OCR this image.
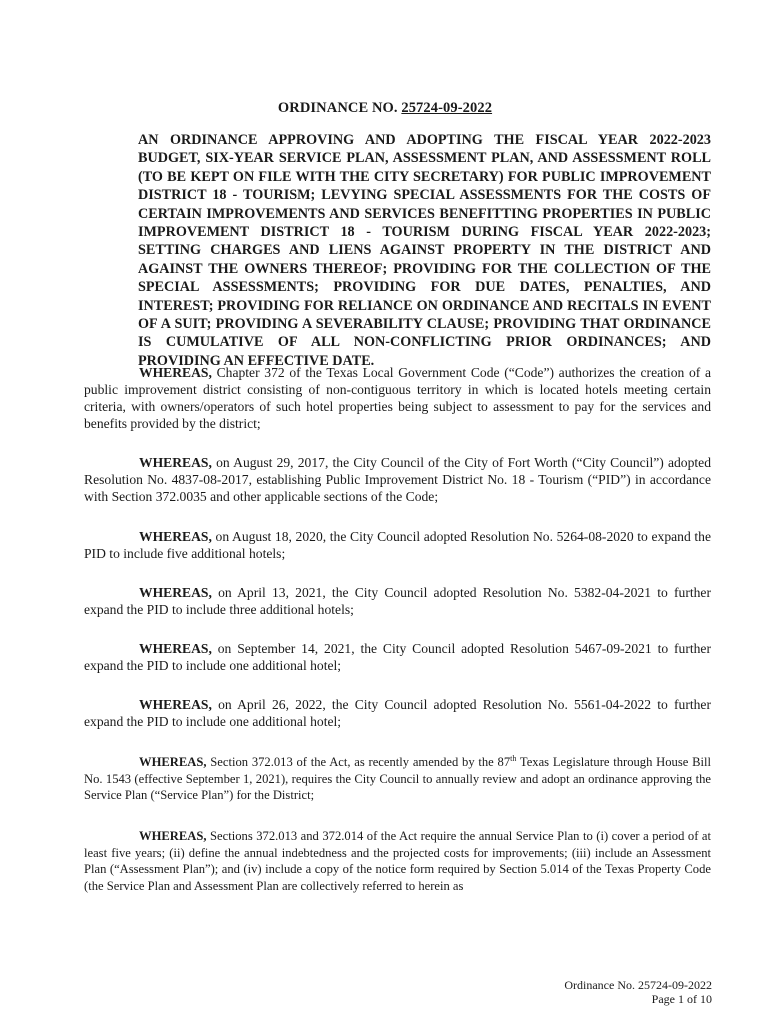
ORDINANCE NO. 25724-09-2022

AN ORDINANCE APPROVING AND ADOPTING THE FISCAL YEAR 2022-2023 BUDGET, SIX-YEAR SERVICE PLAN, ASSESSMENT PLAN, AND ASSESSMENT ROLL (TO BE KEPT ON FILE WITH THE CITY SECRETARY) FOR PUBLIC IMPROVEMENT DISTRICT 18 - TOURISM; LEVYING SPECIAL ASSESSMENTS FOR THE COSTS OF CERTAIN IMPROVEMENTS AND SERVICES BENEFITTING PROPERTIES IN PUBLIC IMPROVEMENT DISTRICT 18 - TOURISM DURING FISCAL YEAR 2022-2023; SETTING CHARGES AND LIENS AGAINST PROPERTY IN THE DISTRICT AND AGAINST THE OWNERS THEREOF; PROVIDING FOR THE COLLECTION OF THE SPECIAL ASSESSMENTS; PROVIDING FOR DUE DATES, PENALTIES, AND INTEREST; PROVIDING FOR RELIANCE ON ORDINANCE AND RECITALS IN EVENT OF A SUIT; PROVIDING A SEVERABILITY CLAUSE; PROVIDING THAT ORDINANCE IS CUMULATIVE OF ALL NON-CONFLICTING PRIOR ORDINANCES; AND PROVIDING AN EFFECTIVE DATE.

WHEREAS, Chapter 372 of the Texas Local Government Code (“Code”) authorizes the creation of a public improvement district consisting of non-contiguous territory in which is located hotels meeting certain criteria, with owners/operators of such hotel properties being subject to assessment to pay for the services and benefits provided by the district;

WHEREAS, on August 29, 2017, the City Council of the City of Fort Worth (“City Council”) adopted Resolution No. 4837-08-2017, establishing Public Improvement District No. 18 - Tourism (“PID”) in accordance with Section 372.0035 and other applicable sections of the Code;

WHEREAS, on August 18, 2020, the City Council adopted Resolution No. 5264-08-2020 to expand the PID to include five additional hotels;

WHEREAS, on April 13, 2021, the City Council adopted Resolution No. 5382-04-2021 to further expand the PID to include three additional hotels;

WHEREAS, on September 14, 2021, the City Council adopted Resolution 5467-09-2021 to further expand the PID to include one additional hotel;

WHEREAS, on April 26, 2022, the City Council adopted Resolution No. 5561-04-2022 to further expand the PID to include one additional hotel;

WHEREAS, Section 372.013 of the Act, as recently amended by the 87th Texas Legislature through House Bill No. 1543 (effective September 1, 2021), requires the City Council to annually review and adopt an ordinance approving the Service Plan (“Service Plan”) for the District;

WHEREAS, Sections 372.013 and 372.014 of the Act require the annual Service Plan to (i) cover a period of at least five years; (ii) define the annual indebtedness and the projected costs for improvements; (iii) include an Assessment Plan (“Assessment Plan”); and (iv) include a copy of the notice form required by Section 5.014 of the Texas Property Code (the Service Plan and Assessment Plan are collectively referred to herein as

Ordinance No. 25724-09-2022
Page 1 of 10
